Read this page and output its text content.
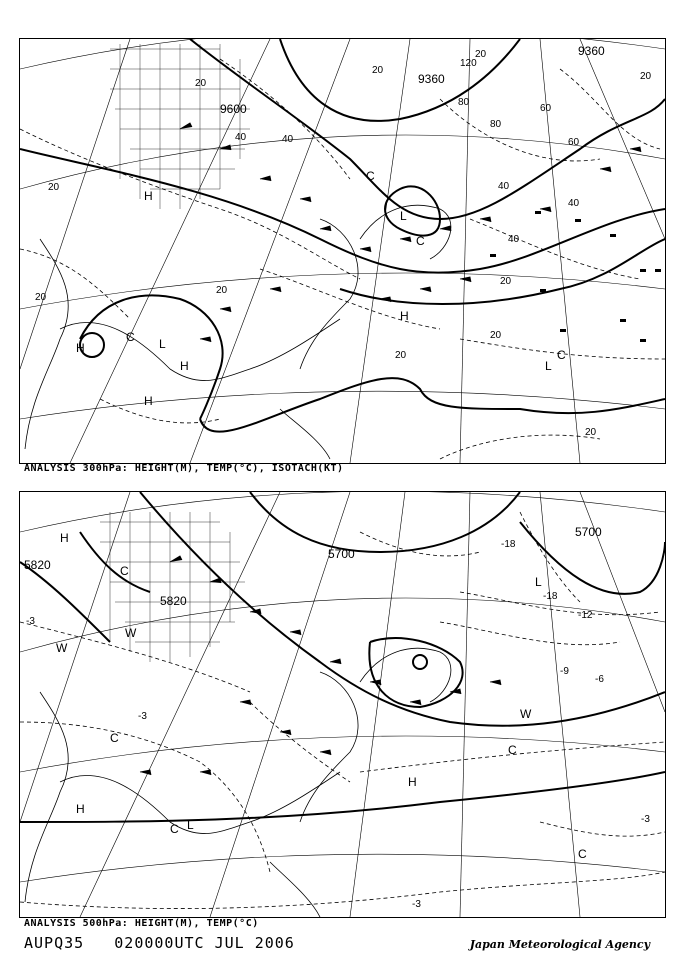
9360
9360
9600
20
20
20
20
20
20
20
20
20
20
20
40	40
40
40
40
60
60
80
80
120
H
H
H
H
H
L
L
L
C
C
C
C
ANALYSIS 300hPa: HEIGHT(M), TEMP(°C), ISOTACH(KT)
5820
5820
5700
5700
-3
-3
-3
-3
-6
-9
-12
-18
-18
H
H
H
W
W
W
L
L
C
C
C
C
C
ANALYSIS 500hPa: HEIGHT(M), TEMP(°C)
AUPQ35   020000UTC JUL 2006	Japan Meteorological Agency
